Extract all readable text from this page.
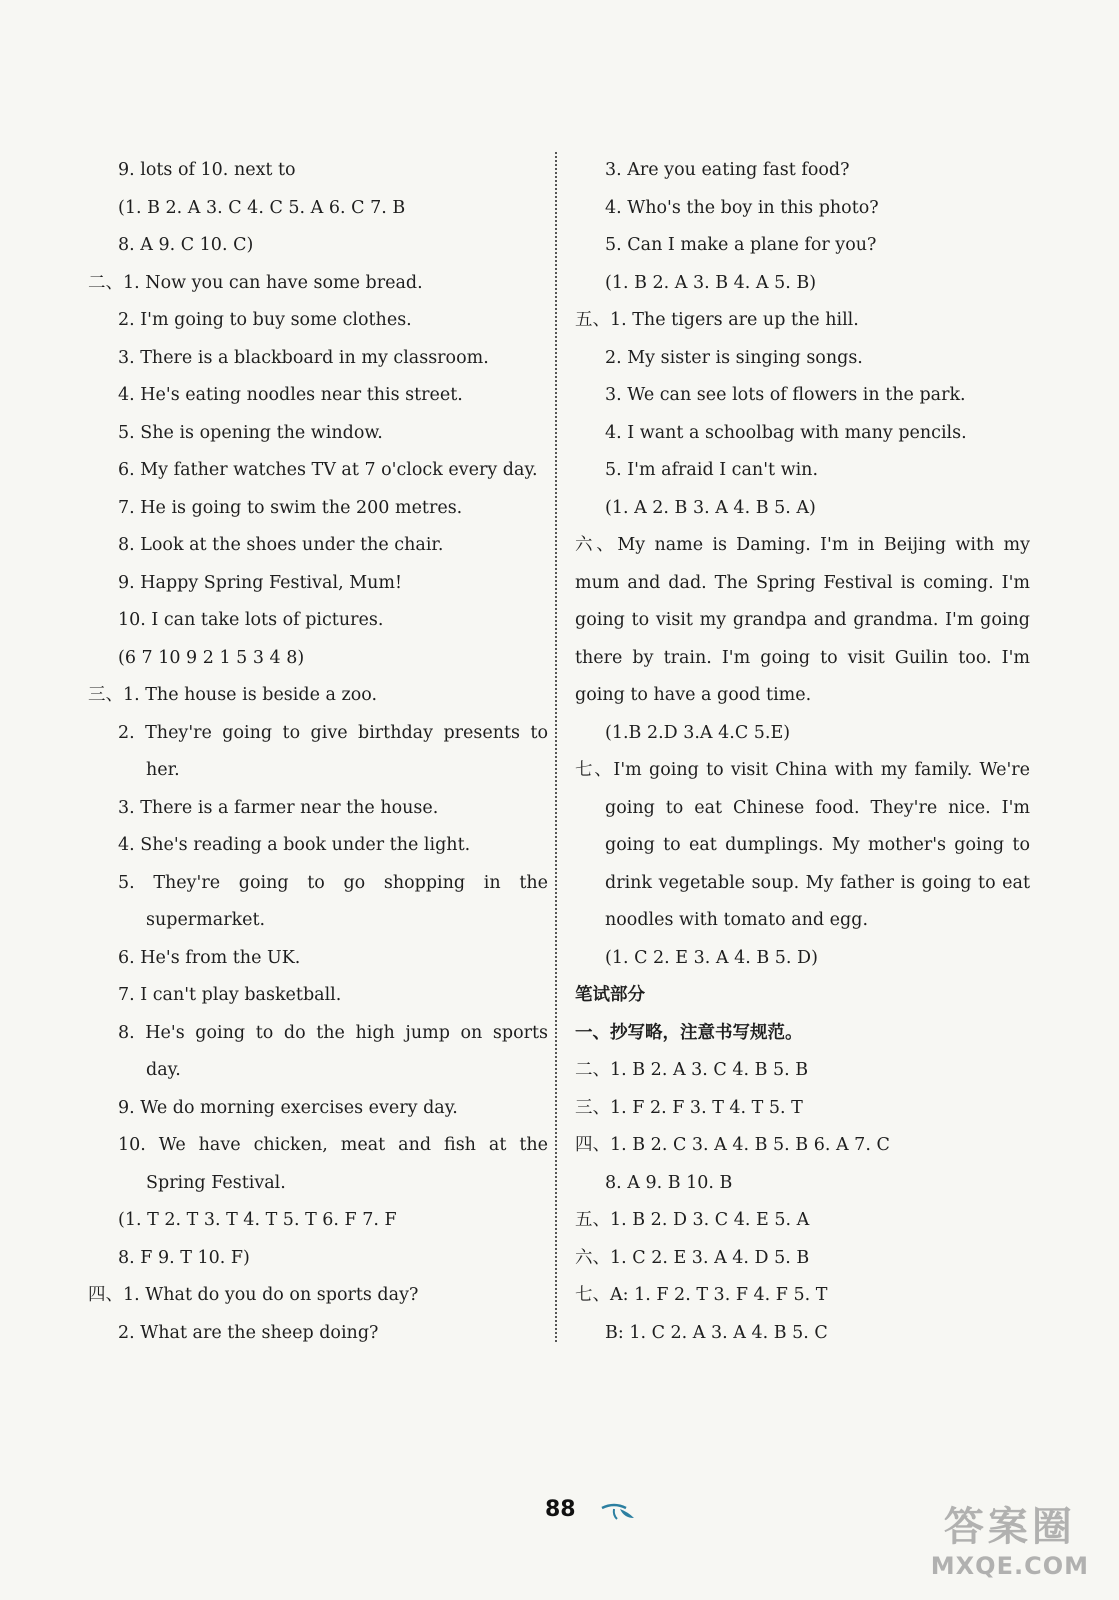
9. lots of 10. next to
(1. B 2. A 3. C 4. C 5. A 6. C 7. B
8. A 9. C 10. C)
二、1. Now you can have some bread.
2. I'm going to buy some clothes.
3. There is a blackboard in my classroom.
4. He's eating noodles near this street.
5. She is opening the window.
6. My father watches TV at 7 o'clock every day.
7. He is going to swim the 200 metres.
8. Look at the shoes under the chair.
9. Happy Spring Festival, Mum!
10. I can take lots of pictures.
(6 7 10 9 2 1 5 3 4 8)
三、1. The house is beside a zoo.
2. They're going to give birthday presents to
her.
3. There is a farmer near the house.
4. She's reading a book under the light.
5. They're going to go shopping in the
supermarket.
6. He's from the UK.
7. I can't play basketball.
8. He's going to do the high jump on sports
day.
9. We do morning exercises every day.
10. We have chicken, meat and fish at the
Spring Festival.
(1. T 2. T 3. T 4. T 5. T 6. F 7. F
8. F 9. T 10. F)
四、1. What do you do on sports day?
2. What are the sheep doing?
3. Are you eating fast food?
4. Who's the boy in this photo?
5. Can I make a plane for you?
(1. B 2. A 3. B 4. A 5. B)
五、1. The tigers are up the hill.
2. My sister is singing songs.
3. We can see lots of flowers in the park.
4. I want a schoolbag with many pencils.
5. I'm afraid I can't win.
(1. A 2. B 3. A 4. B 5. A)
六、My name is Daming. I'm in Beijing with my
mum and dad. The Spring Festival is coming. I'm
going to visit my grandpa and grandma. I'm going
there by train. I'm going to visit Guilin too. I'm
going to have a good time.
(1.B 2.D 3.A 4.C 5.E)
七、I'm going to visit China with my family. We're
going to eat Chinese food. They're nice. I'm
going to eat dumplings. My mother's going to
drink vegetable soup. My father is going to eat
noodles with tomato and egg.
(1. C 2. E 3. A 4. B 5. D)
笔试部分
一、抄写略，注意书写规范。
二、1. B 2. A 3. C 4. B 5. B
三、1. F 2. F 3. T 4. T 5. T
四、1. B 2. C 3. A 4. B 5. B 6. A 7. C
8. A 9. B 10. B
五、1. B 2. D 3. C 4. E 5. A
六、1. C 2. E 3. A 4. D 5. B
七、A: 1. F 2. T 3. F 4. F 5. T
B: 1. C 2. A 3. A 4. B 5. C
88	答案圈
MXQE.COM
